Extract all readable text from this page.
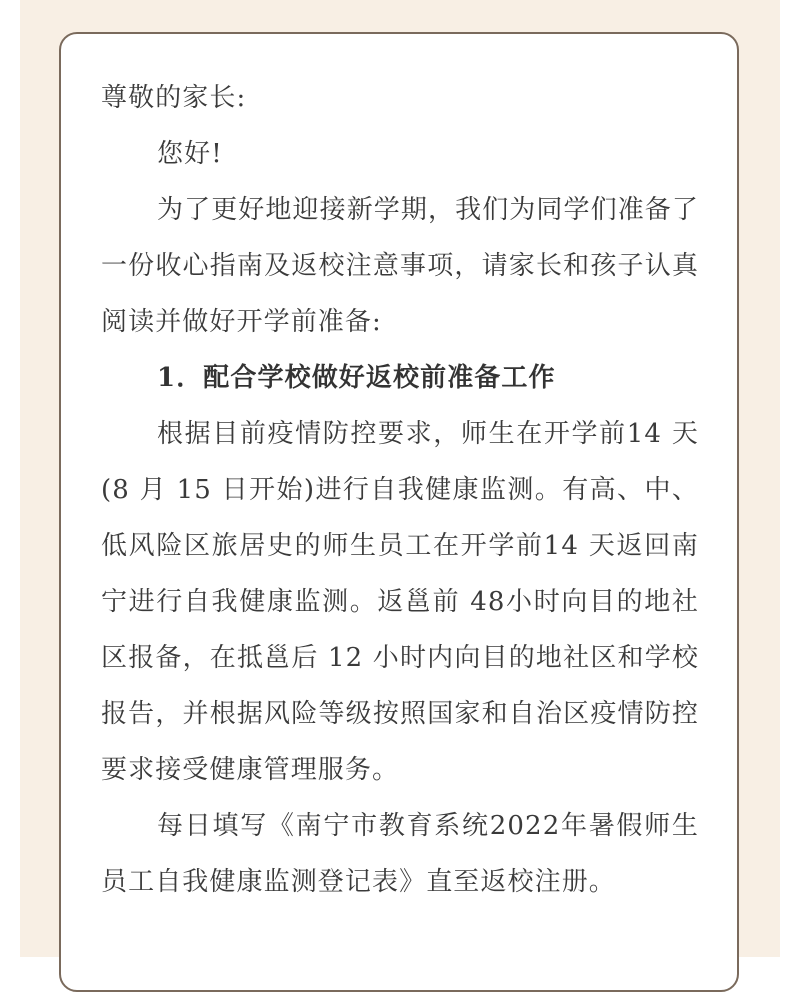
尊敬的家长:
您好!
为了更好地迎接新学期，我们为同学们准备了一份收心指南及返校注意事项，请家长和孩子认真阅读并做好开学前准备:
1．配合学校做好返校前准备工作
根据目前疫情防控要求，师生在开学前14 天(8 月 15 日开始)进行自我健康监测。有高、中、低风险区旅居史的师生员工在开学前14 天返回南宁进行自我健康监测。返邕前 48小时向目的地社区报备，在抵邕后 12 小时内向目的地社区和学校报告，并根据风险等级按照国家和自治区疫情防控要求接受健康管理服务。
每日填写《南宁市教育系统2022年暑假师生员工自我健康监测登记表》直至返校注册。
